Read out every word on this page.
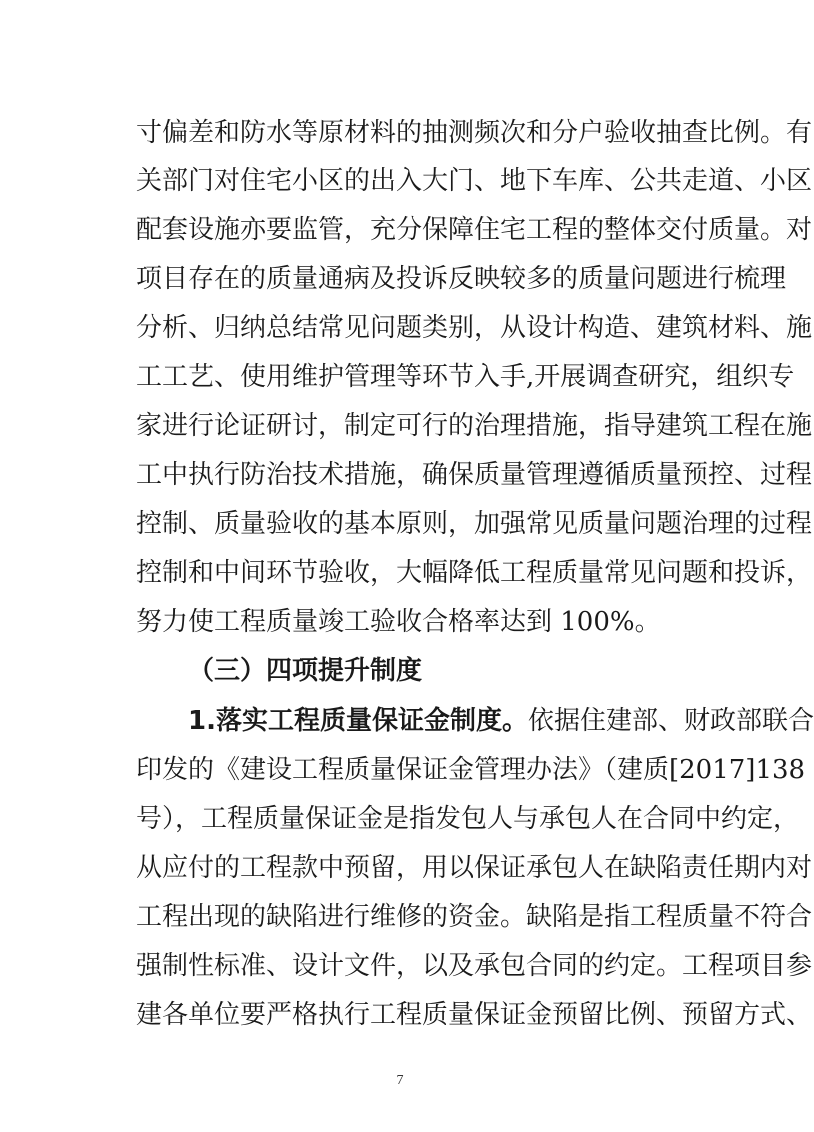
寸偏差和防水等原材料的抽测频次和分户验收抽查比例。有
关部门对住宅小区的出入大门、地下车库、公共走道、小区
配套设施亦要监管，充分保障住宅工程的整体交付质量。对
项目存在的质量通病及投诉反映较多的质量问题进行梳理
分析、归纳总结常见问题类别，从设计构造、建筑材料、施
工工艺、使用维护管理等环节入手,开展调查研究，组织专
家进行论证研讨，制定可行的治理措施，指导建筑工程在施
工中执行防治技术措施，确保质量管理遵循质量预控、过程
控制、质量验收的基本原则，加强常见质量问题治理的过程
控制和中间环节验收，大幅降低工程质量常见问题和投诉，
努力使工程质量竣工验收合格率达到 100%。
（三）四项提升制度
1.落实工程质量保证金制度。依据住建部、财政部联合
印发的《建设工程质量保证金管理办法》（建质[2017]138
号），工程质量保证金是指发包人与承包人在合同中约定，
从应付的工程款中预留，用以保证承包人在缺陷责任期内对
工程出现的缺陷进行维修的资金。缺陷是指工程质量不符合
强制性标准、设计文件，以及承包合同的约定。工程项目参
建各单位要严格执行工程质量保证金预留比例、预留方式、
7
